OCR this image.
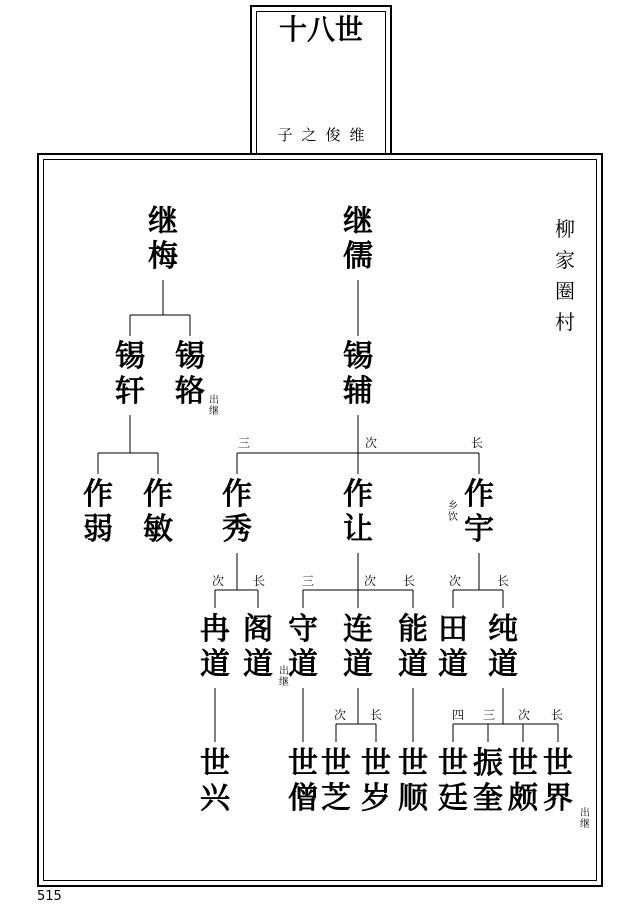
十八世
子之俊维
柳家圈村
继梅
继儒
锡轩
锡辂 出继
锡辅
三	次	长
作弱
作敏
作秀
作让
乡饮
作宇
次 长	三	次 长	次	长
冉道
阁道 出继
守道
连道
能道
田道
纯道
次 长	四 三 次 长
世兴
世僧
世芝
世岁
世顺
世廷
振奎
世颇
世界 出继
515
